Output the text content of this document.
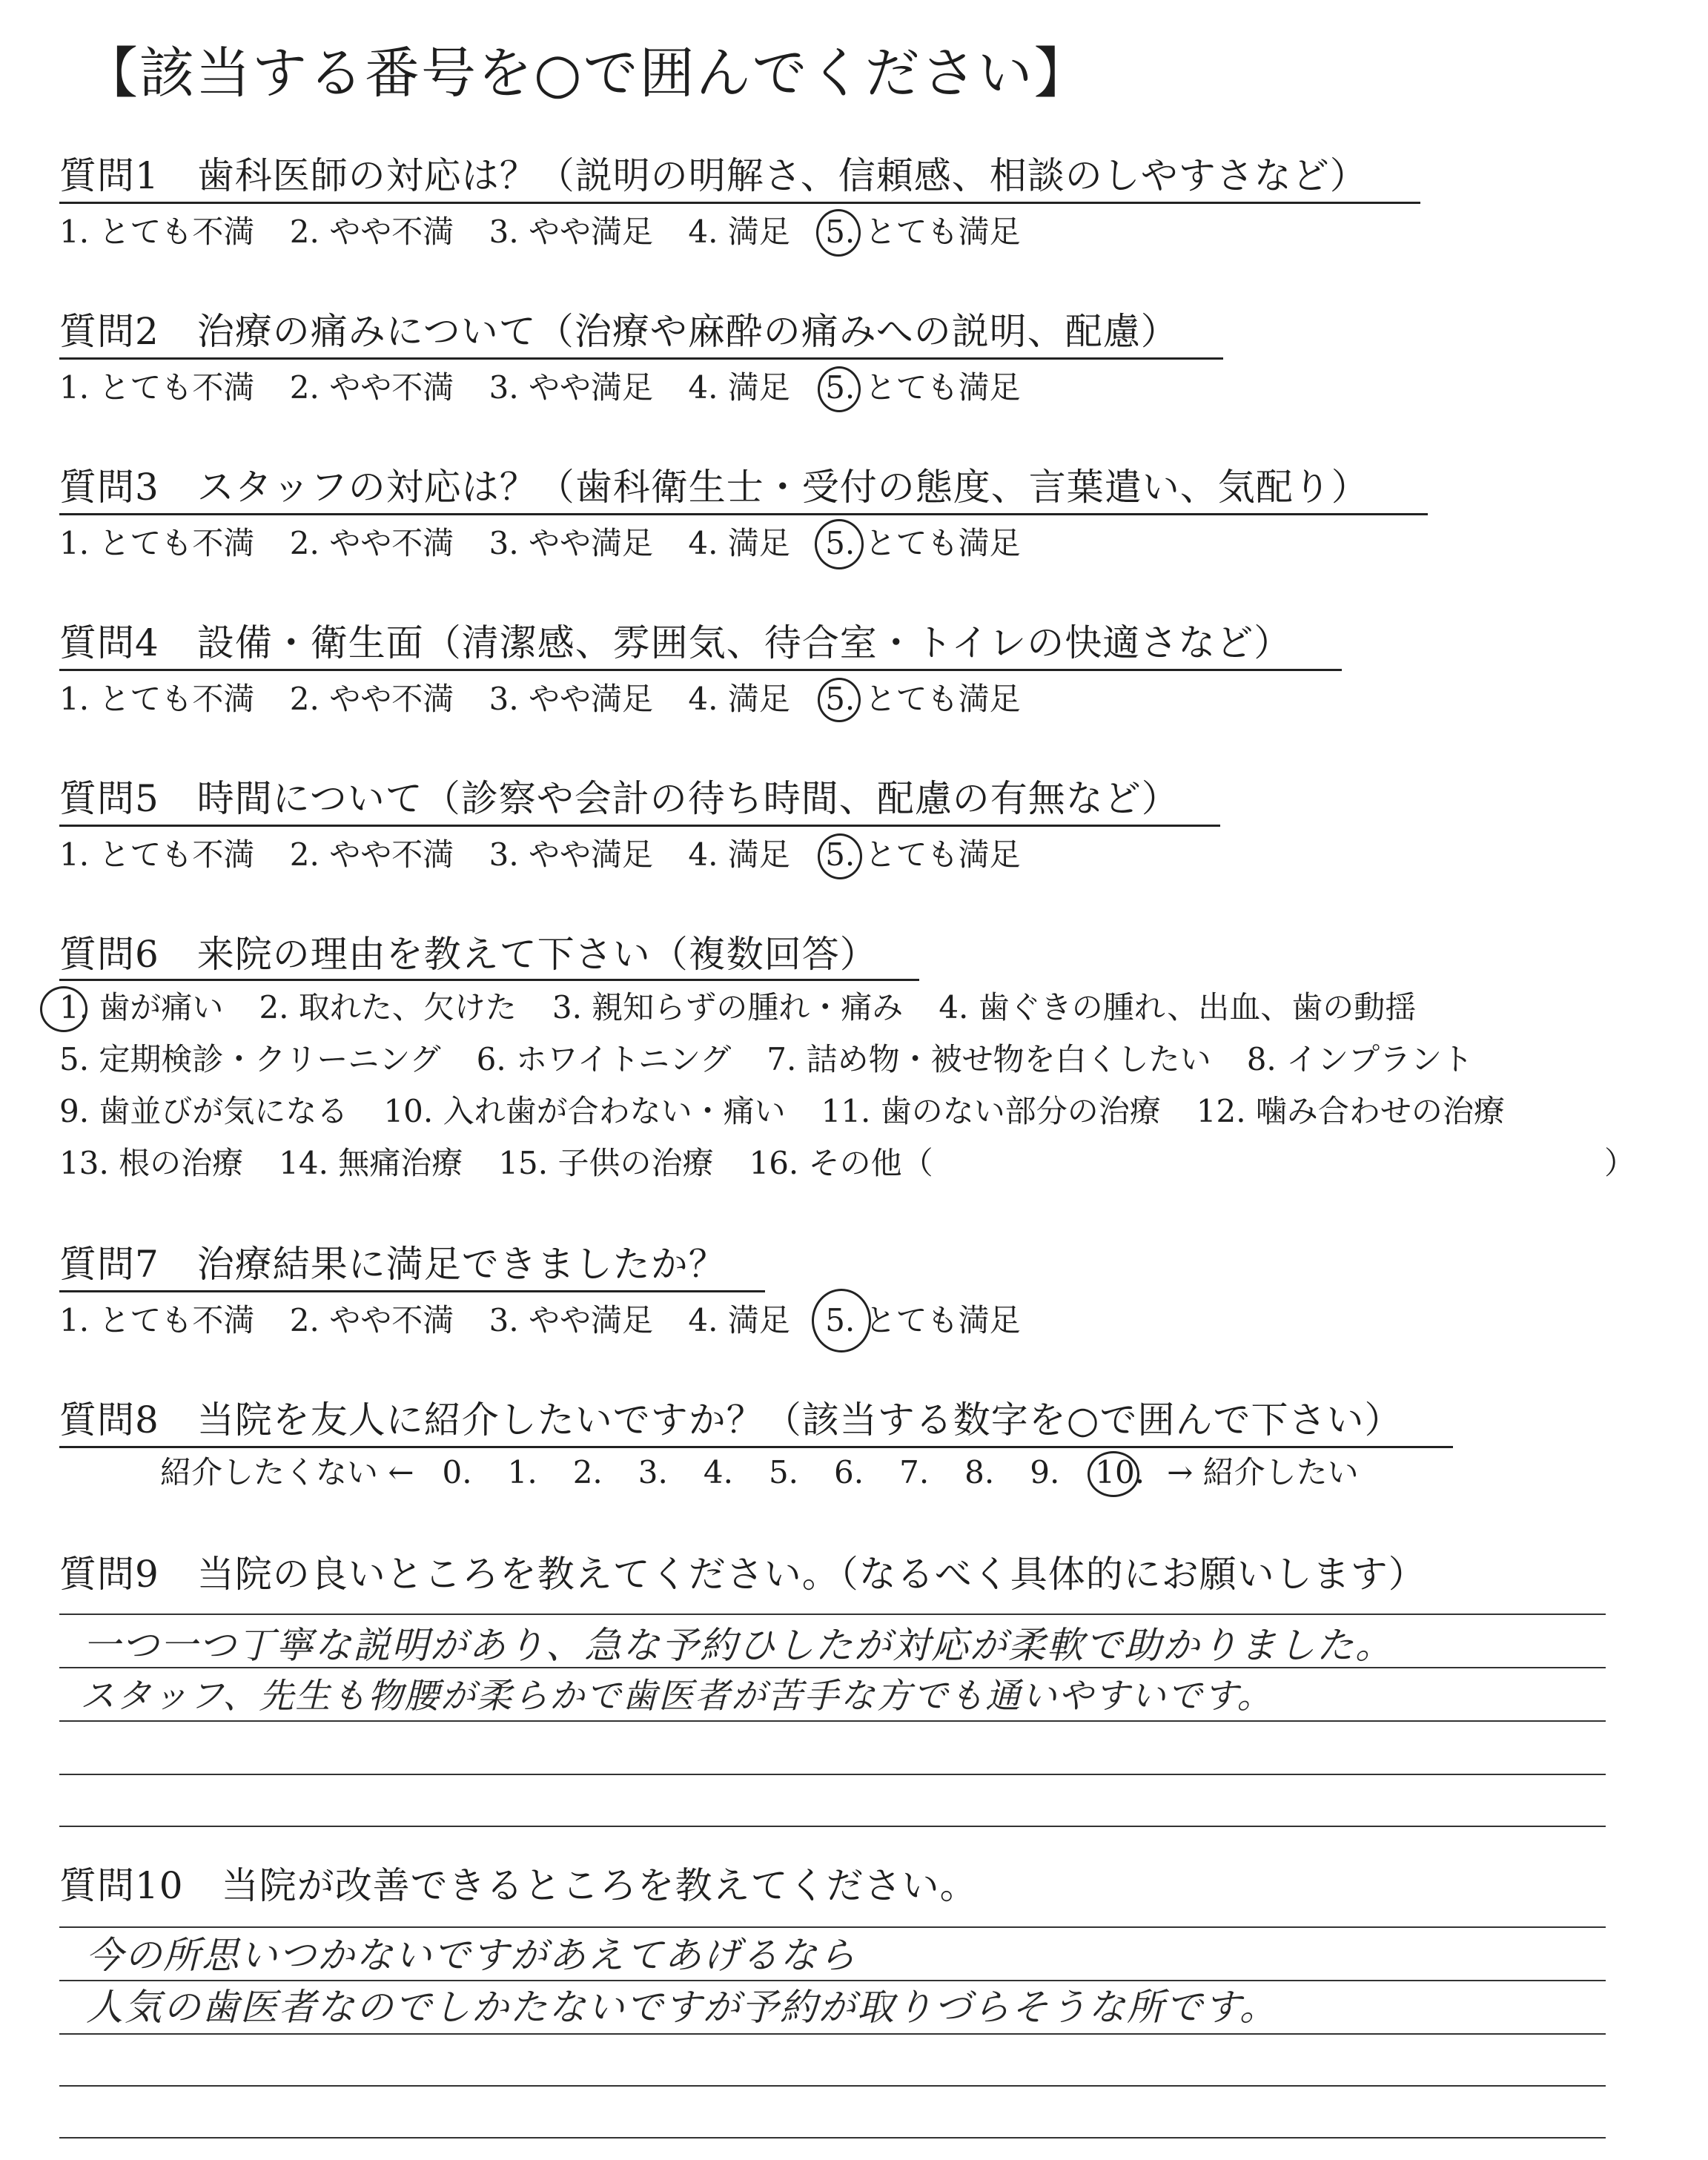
【該当する番号を○で囲んでください】
質問1　歯科医師の対応は？（説明の明解さ、信頼感、相談のしやすさなど）
1. とても不満 2. やや不満 3. やや満足 4. 満足 5. とても満足
質問2　治療の痛みについて（治療や麻酔の痛みへの説明、配慮）
1. とても不満 2. やや不満 3. やや満足 4. 満足 5. とても満足
質問3　スタッフの対応は？（歯科衛生士・受付の態度、言葉遣い、気配り）
1. とても不満 2. やや不満 3. やや満足 4. 満足 5. とても満足
質問4　設備・衛生面（清潔感、雰囲気、待合室・トイレの快適さなど）
1. とても不満 2. やや不満 3. やや満足 4. 満足 5. とても満足
質問5　時間について（診察や会計の待ち時間、配慮の有無など）
1. とても不満 2. やや不満 3. やや満足 4. 満足 5. とても満足
質問6　来院の理由を教えて下さい（複数回答）
1. 歯が痛い 2. 取れた、欠けた 3. 親知らずの腫れ・痛み 4. 歯ぐきの腫れ、出血、歯の動揺
5. 定期検診・クリーニング 6. ホワイトニング 7. 詰め物・被せ物を白くしたい 8. インプラント
9. 歯並びが気になる 10. 入れ歯が合わない・痛い 11. 歯のない部分の治療 12. 噛み合わせの治療
13. 根の治療 14. 無痛治療 15. 子供の治療 16. その他（	）
質問7　治療結果に満足できましたか？
1. とても不満 2. やや不満 3. やや満足 4. 満足 5. とても満足
質問8　当院を友人に紹介したいですか？（該当する数字を○で囲んで下さい）
紹介したくない ← 0. 1. 2. 3. 4. 5. 6. 7. 8. 9. 10. → 紹介したい
質問9　当院の良いところを教えてください。（なるべく具体的にお願いします）
一つ一つ丁寧な説明があり、急な予約ひしたが対応が柔軟で助かりました。
スタッフ、先生も物腰が柔らかで歯医者が苦手な方でも通いやすいです。
質問10　当院が改善できるところを教えてください。
今の所思いつかないですがあえてあげるなら
人気の歯医者なのでしかたないですが予約が取りづらそうな所です。
